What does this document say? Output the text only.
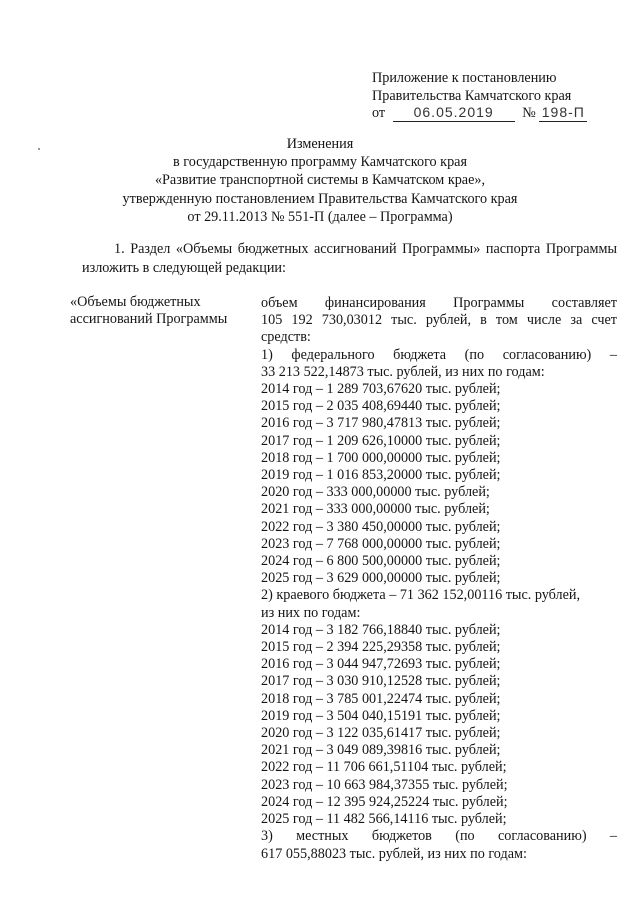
Приложение к постановлению
Правительства Камчатского края
от 06.05.2019 № 198-П
Изменения
в государственную программу Камчатского края
«Развитие транспортной системы в Камчатском крае»,
утвержденную постановлением Правительства Камчатского края
от 29.11.2013 № 551-П (далее – Программа)
1. Раздел «Объемы бюджетных ассигнований Программы» паспорта Программы изложить в следующей редакции:
«Объемы бюджетных
ассигнований Программы
объем финансирования Программы составляет
105 192 730,03012 тыс. рублей, в том числе за счет
средств:
1) федерального бюджета (по согласованию) –
33 213 522,14873 тыс. рублей, из них по годам:
2014 год – 1 289 703,67620 тыс. рублей;
2015 год – 2 035 408,69440 тыс. рублей;
2016 год – 3 717 980,47813 тыс. рублей;
2017 год – 1 209 626,10000 тыс. рублей;
2018 год – 1 700 000,00000 тыс. рублей;
2019 год – 1 016 853,20000 тыс. рублей;
2020 год – 333 000,00000 тыс. рублей;
2021 год – 333 000,00000 тыс. рублей;
2022 год – 3 380 450,00000 тыс. рублей;
2023 год – 7 768 000,00000 тыс. рублей;
2024 год – 6 800 500,00000 тыс. рублей;
2025 год – 3 629 000,00000 тыс. рублей;
2) краевого бюджета – 71 362 152,00116 тыс. рублей,
из них по годам:
2014 год – 3 182 766,18840 тыс. рублей;
2015 год – 2 394 225,29358 тыс. рублей;
2016 год – 3 044 947,72693 тыс. рублей;
2017 год – 3 030 910,12528 тыс. рублей;
2018 год – 3 785 001,22474 тыс. рублей;
2019 год – 3 504 040,15191 тыс. рублей;
2020 год – 3 122 035,61417 тыс. рублей;
2021 год – 3 049 089,39816 тыс. рублей;
2022 год – 11 706 661,51104 тыс. рублей;
2023 год – 10 663 984,37355 тыс. рублей;
2024 год – 12 395 924,25224 тыс. рублей;
2025 год – 11 482 566,14116 тыс. рублей;
3) местных бюджетов (по согласованию) –
617 055,88023 тыс. рублей, из них по годам:
